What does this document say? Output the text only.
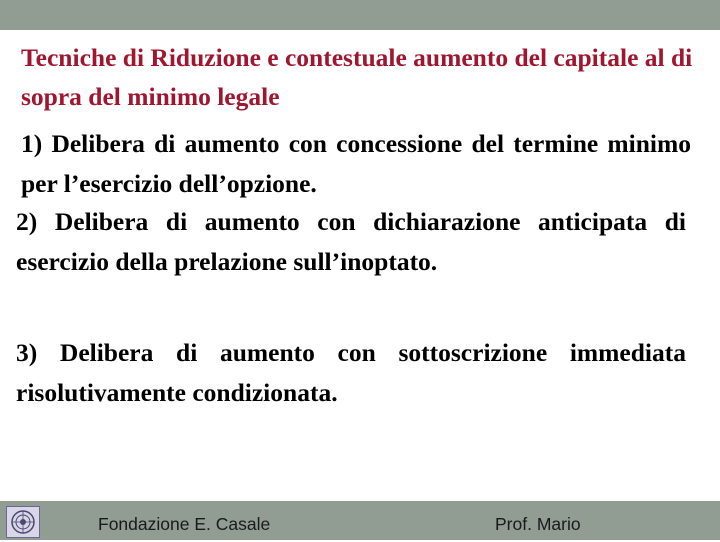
Tecniche di Riduzione e contestuale aumento del capitale al di sopra del minimo legale
1) Delibera di aumento con concessione del termine minimo per l’esercizio dell’opzione.
2) Delibera di aumento con dichiarazione anticipata di esercizio della prelazione sull’inoptato.
3) Delibera di aumento con sottoscrizione immediata risolutivamente condizionata.
Fondazione E. Casale	Prof. Mario
